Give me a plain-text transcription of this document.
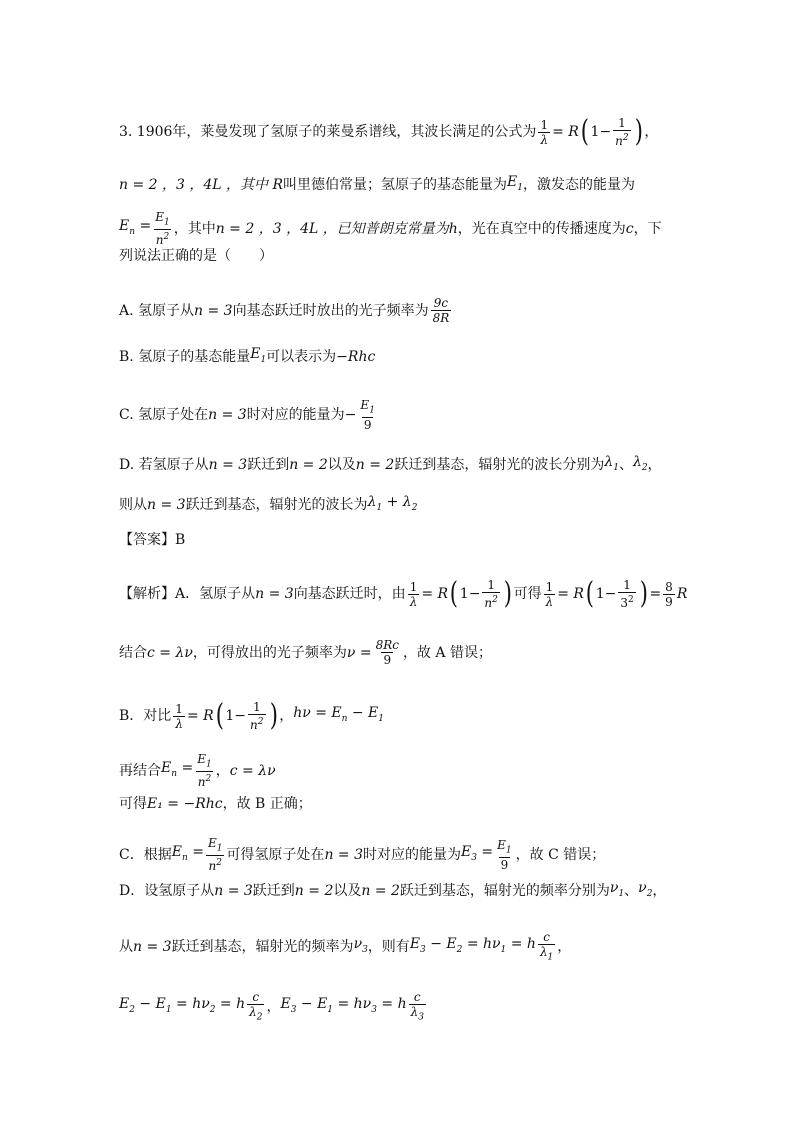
3. 1906年，莱曼发现了氢原子的莱曼系谱线，其波长满足的公式为 $\frac{1}{\lambda} = R$ ( $1- \frac{1}{n^2}$ ) ，
n = 2 ，3 ，4L ，其中 R 叫里德伯常量；氢原子的基态能量为 $E_1$ ，激发态的能量为
$E_n = \frac{E_1}{n^2}$ ，其中 n = 2 ，3 ，4L ，已知普朗克常量为 h ，光在真空中的传播速度为 c ，下
列说法正确的是（　　）
A. 氢原子从 n = 3 向基态跃迁时放出的光子频率为 $\frac{9c}{8R}$
B. 氢原子的基态能量 $E_1$ 可以表示为 −Rhc
C. 氢原子处在 n = 3 时对应的能量为 − $\frac{E_1}{9}$
D. 若氢原子从 n = 3 跃迁到 n = 2 以及 n = 2 跃迁到基态，辐射光的波长分别为 $\lambda_1$ 、 $\lambda_2$ ，
则从 n = 3 跃迁到基态，辐射光的波长为 $\lambda_1 + \lambda_2$
【答案】B
【解析】 A．氢原子从 n = 3 向基态跃迁时，由 $\frac{1}{\lambda} = R$ ( $1- \frac{1}{n^2}$ ) 可得 $\frac{1}{\lambda} = R$ ( $1- \frac{1}{3^2}$ ) = $\frac{8}{9}$ R
结合 c = λν ，可得放出的光子频率为 $\nu = \frac{8Rc}{9}$ ，故 A 错误；
B．对比 $\frac{1}{\lambda} = R$ ( $1- \frac{1}{n^2}$ ) ， $h\nu = E_n - E_1$
再结合 $E_n = \frac{E_1}{n^2}$ ， c = λν
可得 E₁ = −Rhc ，故 B 正确；
C．根据 $E_n = \frac{E_1}{n^2}$ 可得氢原子处在 n = 3 时对应的能量为 $E_3 = \frac{E_1}{9}$ ，故 C 错误；
D．设氢原子从 n = 3 跃迁到 n = 2 以及 n = 2 跃迁到基态，辐射光的频率分别为 $\nu_1$ 、 $\nu_2$ ，
从 n = 3 跃迁到基态，辐射光的频率为 $\nu_3$ ，则有 $E_3 - E_2 = h\nu_1 = h \frac{c}{\lambda_1}$ ，
$E_2 - E_1 = h\nu_2 = h \frac{c}{\lambda_2}$ ， $E_3 - E_1 = h\nu_3 = h \frac{c}{\lambda_3}$
